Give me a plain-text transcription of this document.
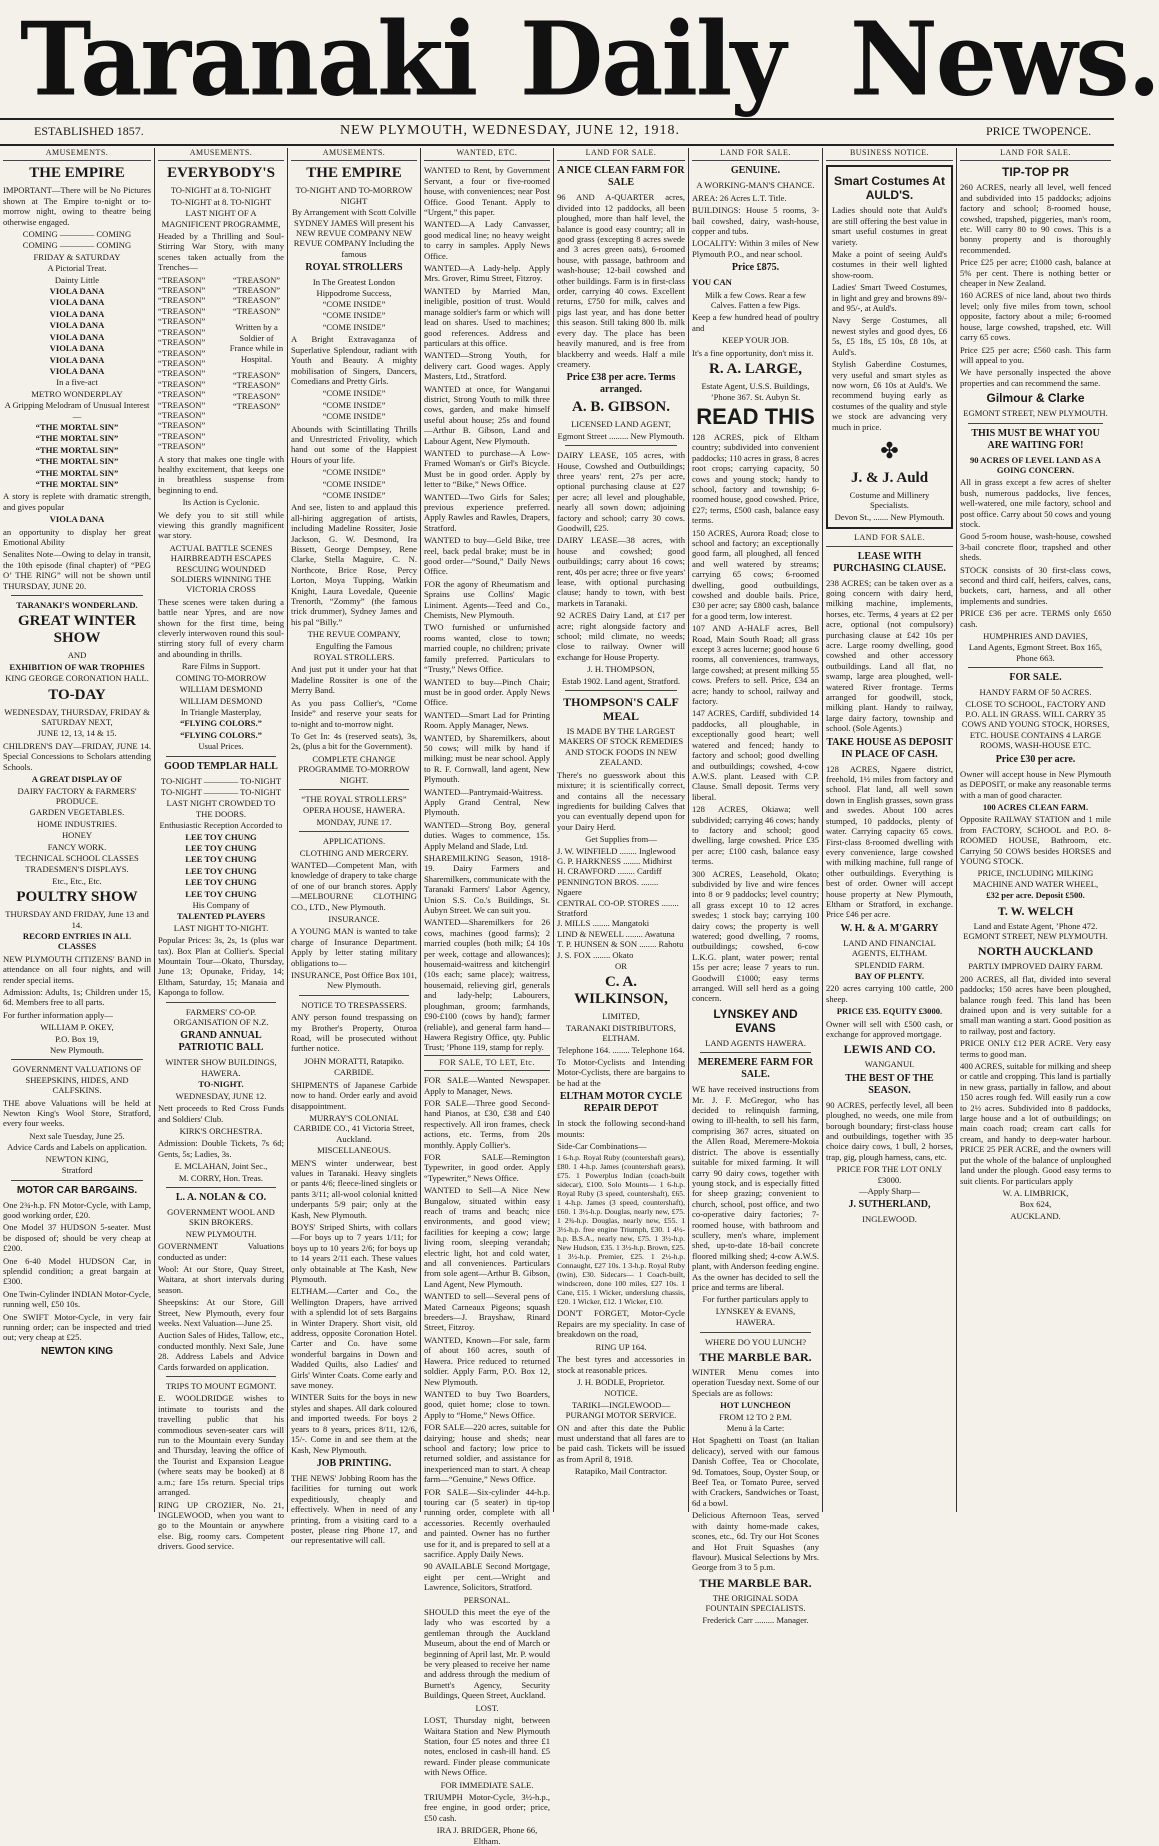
Taranaki Daily News.
ESTABLISHED 1857.	NEW PLYMOUTH, WEDNESDAY, JUNE 12, 1918.	PRICE TWOPENCE.
AMUSEMENTS.
THE EMPIRE
IMPORTANT—There will be No Pictures shown at The Empire to-night or to-morrow night, owing to theatre being otherwise engaged.
COMING ———— COMING
COMING ———— COMING
FRIDAY & SATURDAY
A Pictorial Treat.
Dainty Little
VIOLA DANA
VIOLA DANA
VIOLA DANA
VIOLA DANA
VIOLA DANA
VIOLA DANA
VIOLA DANA
VIOLA DANA
In a five-act
METRO WONDERPLAY
A Gripping Melodram of Unusual Interest—
“THE MORTAL SIN”
“THE MORTAL SIN”
“THE MORTAL SIN”
“THE MORTAL SIN”
“THE MORTAL SIN”
“THE MORTAL SIN”
A story is replete with dramatic strength, and gives popular
VIOLA DANA
an opportunity to display her great Emotional Ability
Senalites Note—Owing to delay in transit, the 10th episode (final chapter) of “PEG O’ THE RING” will not be shown until THURSDAY, JUNE 20.
TARANAKI'S WONDERLAND.
GREAT WINTER SHOW
AND
EXHIBITION OF WAR TROPHIES
KING GEORGE CORONATION HALL.
TO-DAY
WEDNESDAY, THURSDAY, FRIDAY & SATURDAY NEXT,
JUNE 12, 13, 14 & 15.
CHILDREN'S DAY—FRIDAY, JUNE 14. Special Concessions to Scholars attending Schools.
A GREAT DISPLAY OF
DAIRY FACTORY & FARMERS' PRODUCE.
GARDEN VEGETABLES.
HOME INDUSTRIES.
HONEY
FANCY WORK.
TECHNICAL SCHOOL CLASSES
TRADESMEN'S DISPLAYS.
Etc., Etc., Etc.
POULTRY SHOW
THURSDAY AND FRIDAY, June 13 and 14.
RECORD ENTRIES IN ALL CLASSES
NEW PLYMOUTH CITIZENS' BAND in attendance on all four nights, and will render special items.
Admission: Adults, 1s; Children under 15, 6d. Members free to all parts.
For further information apply—
WILLIAM P. OKEY,
P.O. Box 19,
New Plymouth.
GOVERNMENT VALUATIONS OF SHEEPSKINS, HIDES, AND CALFSKINS.
THE above Valuations will be held at Newton King's Wool Store, Stratford, every four weeks.
Next sale Tuesday, June 25.
Advice Cards and Labels on application.
NEWTON KING,
Stratford
MOTOR CAR BARGAINS.
One 2¾-h.p. FN Motor-Cycle, with Lamp, good working order, £20.
One Model 37 HUDSON 5-seater. Must be disposed of; should be very cheap at £200.
One 6-40 Model HUDSON Car, in splendid condition; a great bargain at £300.
One Twin-Cylinder INDIAN Motor-Cycle, running well, £50 10s.
One SWIFT Motor-Cycle, in very fair running order; can be inspected and tried out; very cheap at £25.
NEWTON KING
AMUSEMENTS.
EVERYBODY'S
TO-NIGHT at 8. TO-NIGHT
TO-NIGHT at 8. TO-NIGHT
LAST NIGHT OF A MAGNIFICENT PROGRAMME,
Headed by a Thrilling and Soul-Stirring War Story, with many scenes taken actually from the Trenches—
“TREASON”
“TREASON”
“TREASON”
“TREASON”
“TREASON”
“TREASON”
“TREASON”
“TREASON”
“TREASON”
“TREASON”
“TREASON”
“TREASON”
“TREASON”
“TREASON”
“TREASON”
“TREASON”
“TREASON”
“TREASON”
“TREASON”
“TREASON”
“TREASON”
Written by a Soldier of France while in Hospital.
“TREASON”
“TREASON”
“TREASON”
“TREASON”
A story that makes one tingle with healthy excitement, that keeps one in breathless suspense from beginning to end.
Its Action is Cyclonic.
We defy you to sit still while viewing this grandly magnificent war story.
ACTUAL BATTLE SCENES HAIRBREADTH ESCAPES RESCUING WOUNDED SOLDIERS WINNING THE VICTORIA CROSS
These scenes were taken during a battle near Ypres, and are now shown for the first time, being cleverly interwoven round this soul-stirring story full of every charm and abounding in thrills.
Rare Films in Support.
COMING TO-MORROW
WILLIAM DESMOND
WILLIAM DESMOND
In Triangle Masterplay,
“FLYING COLORS.”
“FLYING COLORS.”
Usual Prices.
GOOD TEMPLAR HALL
TO-NIGHT ———— TO-NIGHT
TO-NIGHT ———— TO-NIGHT
LAST NIGHT CROWDED TO THE DOORS.
Enthusiastic Reception Accorded to
LEE TOY CHUNG
LEE TOY CHUNG
LEE TOY CHUNG
LEE TOY CHUNG
LEE TOY CHUNG
LEE TOY CHUNG
His Company of
TALENTED PLAYERS
LAST NIGHT TO-NIGHT.
Popular Prices: 3s, 2s, 1s (plus war tax). Box Plan at Collier's. Special Mountain Tour—Okato, Thursday, June 13; Opunake, Friday, 14; Eltham, Saturday, 15; Manaia and Kaponga to follow.
FARMERS' CO-OP. ORGANISATION OF N.Z.
GRAND ANNUAL PATRIOTIC BALL
WINTER SHOW BUILDINGS, HAWERA.
TO-NIGHT.
WEDNESDAY, JUNE 12.
Nett proceeds to Red Cross Funds and Soldiers' Club.
KIRK'S ORCHESTRA.
Admission: Double Tickets, 7s 6d; Gents, 5s; Ladies, 3s.
E. MCLAHAN, Joint Sec.,
M. CORRY, Hon. Treas.
L. A. NOLAN & CO.
GOVERNMENT WOOL AND SKIN BROKERS.
NEW PLYMOUTH.
GOVERNMENT Valuations conducted as under:
Wool: At our Store, Quay Street, Waitara, at short intervals during season.
Sheepskins: At our Store, Gill Street, New Plymouth, every four weeks. Next Valuation—June 25.
Auction Sales of Hides, Tallow, etc., conducted monthly. Next Sale, June 28. Address Labels and Advice Cards forwarded on application.
TRIPS TO MOUNT EGMONT.
E. WOOLDRIDGE wishes to intimate to tourists and the travelling public that his commodious seven-seater cars will run to the Mountain every Sunday and Thursday, leaving the office of the Tourist and Expansion League (where seats may be booked) at 8 a.m.; fare 15s return. Special trips arranged.
RING UP CROZIER, No. 21, INGLEWOOD, when you want to go to the Mountain or anywhere else. Big, roomy cars. Competent drivers. Good service.
AMUSEMENTS.
THE EMPIRE
TO-NIGHT AND TO-MORROW NIGHT
By Arrangement with Scott Colville SYDNEY JAMES Will present his NEW REVUE COMPANY NEW REVUE COMPANY Including the famous
ROYAL STROLLERS
In The Greatest London Hippodrome Success,
“COME INSIDE”
“COME INSIDE”
“COME INSIDE”
A Bright Extravaganza of Superlative Splendour, radiant with Youth and Beauty. A mighty mobilisation of Singers, Dancers, Comedians and Pretty Girls.
“COME INSIDE”
“COME INSIDE”
“COME INSIDE”
Abounds with Scintillating Thrills and Unrestricted Frivolity, which hand out some of the Happiest Hours of your life.
“COME INSIDE”
“COME INSIDE”
“COME INSIDE”
And see, listen to and applaud this all-hiring aggregation of artists, including Madeline Rossiter, Josie Jackson, G. W. Desmond, Ira Bissett, George Dempsey, Rene Clarke, Stella Maguire, C. N. Northcote, Brice Rose, Percy Lorton, Moya Tupping, Watkin Knight, Laura Lovedale, Queenie Trenorth, “Zommy” (the famous trick drummer), Sydney James and his pal “Billy.”
THE REVUE COMPANY,
Engulfing the Famous
ROYAL STROLLERS.
And just put it under your hat that Madeline Rossiter is one of the Merry Band.
As you pass Collier's, “Come Inside” and reserve your seats for to-night and to-morrow night.
To Get In: 4s (reserved seats), 3s, 2s, (plus a bit for the Government).
COMPLETE CHANGE PROGRAMME TO-MORROW NIGHT.
“THE ROYAL STROLLERS”
OPERA HOUSE, HAWERA.
MONDAY, JUNE 17.
APPLICATIONS.
CLOTHING AND MERCERY.
WANTED—Competent Man, with knowledge of drapery to take charge of one of our branch stores. Apply—MELBOURNE CLOTHING CO., LTD., New Plymouth.
INSURANCE.
A YOUNG MAN is wanted to take charge of Insurance Department. Apply by letter stating military obligations to—
INSURANCE, Post Office Box 101, New Plymouth.
NOTICE TO TRESPASSERS.
ANY person found trespassing on my Brother's Property, Oturoa Road, will be prosecuted without further notice.
JOHN MORATTI, Ratapiko.
CARBIDE.
SHIPMENTS of Japanese Carbide now to hand. Order early and avoid disappointment.
MURRAY'S COLONIAL CARBIDE CO., 41 Victoria Street, Auckland.
MISCELLANEOUS.
MEN'S winter underwear, best values in Taranaki. Heavy singlets or pants 4/6; fleece-lined singlets or pants 3/11; all-wool colonial knitted underpants 5/9 pair; only at the Kash, New Plymouth.
BOYS' Striped Shirts, with collars—For boys up to 7 years 1/11; for boys up to 10 years 2/6; for boys up to 14 years 2/11 each. These values only obtainable at The Kash, New Plymouth.
ELTHAM.—Carter and Co., the Wellington Drapers, have arrived with a splendid lot of sets Bargains in Winter Drapery. Short visit, old address, opposite Coronation Hotel. Carter and Co. have some wonderful bargains in Down and Wadded Quilts, also Ladies' and Girls' Winter Coats. Come early and save money.
WINTER Suits for the boys in new styles and shapes. All dark coloured and imported tweeds. For boys 2 years to 8 years, prices 8/11, 12/6, 15/-. Come in and see them at the Kash, New Plymouth.
JOB PRINTING.
THE NEWS' Jobbing Room has the facilities for turning out work expeditiously, cheaply and effectively. When in need of any printing, from a visiting card to a poster, please ring Phone 17, and our representative will call.
WANTED, ETC.
WANTED to Rent, by Government Servant, a four or five-roomed house, with conveniences; near Post Office. Good Tenant. Apply to “Urgent,” this paper.
WANTED—A Lady Canvasser, good medical line; no heavy weight to carry in samples. Apply News Office.
WANTED—A Lady-help. Apply Mrs. Grover, Rimu Street, Fitzroy.
WANTED by Married Man, ineligible, position of trust. Would manage soldier's farm or which will lead on shares. Used to machines; good references. Address and particulars at this office.
WANTED—Strong Youth, for delivery cart. Good wages. Apply Masters, Ltd., Stratford.
WANTED at once, for Wanganui district, Strong Youth to milk three cows, garden, and make himself useful about house; 25s and found—Arthur B. Gibson, Land and Labour Agent, New Plymouth.
WANTED to purchase—A Low-Framed Woman's or Girl's Bicycle. Must be in good order. Apply by letter to “Bike,” News Office.
WANTED—Two Girls for Sales; previous experience preferred. Apply Rawles and Rawles, Drapers, Stratford.
WANTED to buy—Geld Bike, tree reel, back pedal brake; must be in good order—“Sound,” Daily News Office.
FOR the agony of Rheumatism and Sprains use Collins' Magic Liniment. Agents—Teed and Co., Chemists, New Plymouth.
TWO furnished or unfurnished rooms wanted, close to town; married couple, no children; private family preferred. Particulars to “Trusty,” News Office.
WANTED to buy—Pinch Chair; must be in good order. Apply News Office.
WANTED—Smart Lad for Printing Room. Apply Manager, News.
WANTED, by Sharemilkers, about 50 cows; will milk by hand if milking; must be near school. Apply to R. F. Cornwall, land agent, New Plymouth.
WANTED—Pantrymaid-Waitress. Apply Grand Central, New Plymouth.
WANTED—Strong Boy, general duties. Wages to commence, 15s. Apply Meland and Slade, Ltd.
SHAREMILKING Season, 1918-19. Dairy Farmers and Sharemilkers, communicate with the Taranaki Farmers' Labor Agency, Union S.S. Co.'s Buildings, St. Aubyn Street. We can suit you.
WANTED—Sharemilkers for 26 cows, machines (good farms); 2 married couples (both milk; £4 10s per week, cottage and allowances); housemaid-waitress and kitchengirl (10s each; same place); waitress, housemaid, relieving girl, generals and lady-help; Labourers, ploughman, groom; farmhands, £90-£100 (cows by hand); farmer (reliable), and general farm hand—Hawera Registry Office, qty. Public Trust; ’Phone 119, stamp for reply.
FOR SALE, TO LET, Etc.
FOR SALE—Wanted Newspaper. Apply to Manager, News.
FOR SALE—Three good Second-hand Pianos, at £30, £38 and £40 respectively. All iron frames, check actions, etc. Terms, from 20s monthly. Apply Collier's.
FOR SALE—Remington Typewriter, in good order. Apply “Typewriter,” News Office.
WANTED to Sell—A Nice New Bungalow, situated within easy reach of trams and beach; nice environments, and good view; facilities for keeping a cow; large living room, sleeping verandah; electric light, hot and cold water, and all conveniences. Particulars from sole agent—Arthur B. Gibson, Land Agent, New Plymouth.
WANTED to sell—Several pens of Mated Carneaux Pigeons; squash breeders—J. Brayshaw, Rinard Street, Fitzroy.
WANTED, Known—For sale, farm of about 160 acres, south of Hawera. Price reduced to returned soldier. Apply Farm, P.O. Box 12, New Plymouth.
WANTED to buy Two Boarders, good, quiet home; close to town. Apply to “Home,” News Office.
FOR SALE—220 acres, suitable for dairying; house and sheds; near school and factory; low price to returned soldier, and assistance for inexperienced man to start. A cheap farm—“Genuine,” News Office.
FOR SALE—Six-cylinder 44-h.p. touring car (5 seater) in tip-top running order, complete with all accessories. Recently overhauled and painted. Owner has no further use for it, and is prepared to sell at a sacrifice. Apply Daily News.
90 AVAILABLE Second Mortgage, eight per cent.—Wright and Lawrence, Solicitors, Stratford.
PERSONAL.
SHOULD this meet the eye of the lady who was escorted by a gentleman through the Auckland Museum, about the end of March or beginning of April last, Mr. P. would be very pleased to receive her name and address through the medium of Burnett's Agency, Security Buildings, Queen Street, Auckland.
LOST.
LOST, Thursday night, between Waitara Station and New Plymouth Station, four £5 notes and three £1 notes, enclosed in cash-ill hand. £5 reward. Finder please communicate with News Office.
FOR IMMEDIATE SALE.
TRIUMPH Motor-Cycle, 3½-h.p., free engine, in good order; price, £50 cash.
IRA J. BRIDGER, Phone 66, Eltham.
LAND FOR SALE.
A NICE CLEAN FARM FOR SALE
96 AND A-QUARTER acres, divided into 12 paddocks, all been ploughed, more than half level, the balance is good easy country; all in good grass (excepting 8 acres swede and 3 acres green oats), 6-roomed house, with passage, bathroom and wash-house; 12-bail cowshed and other buildings. Farm is in first-class order, carrying 40 cows. Excellent returns, £750 for milk, calves and pigs last year, and has done better this season. Still taking 800 lb. milk every day. The place has been heavily manured, and is free from blackberry and weeds. Half a mile creamery.
Price £38 per acre. Terms arranged.
A. B. GIBSON.
LICENSED LAND AGENT,
Egmont Street ......... New Plymouth.
DAIRY LEASE, 105 acres, with House, Cowshed and Outbuildings; three years' rent, 27s per acre, optional purchasing clause at £27 per acre; all level and ploughable, nearly all sown down; adjoining factory and school; carry 30 cows. Goodwill, £25.
DAIRY LEASE—38 acres, with house and cowshed; good outbuildings; carry about 16 cows; rent, 40s per acre; three or five years' lease, with optional purchasing clause; handy to town, with best markets in Taranaki.
92 ACRES Dairy Land, at £17 per acre; right alongside factory and school; mild climate, no weeds; close to railway. Owner will exchange for House Property.
J. H. THOMPSON,
Estab 1902. Land agent, Stratford.
THOMPSON'S CALF MEAL
IS MADE BY THE LARGEST MAKERS OF STOCK REMEDIES AND STOCK FOODS IN NEW ZEALAND.
There's no guesswork about this mixture; it is scientifically correct, and contains all the necessary ingredients for building Calves that you can eventually depend upon for your Dairy Herd.
Get Supplies from—
J. W. WINFIELD ........ Inglewood
G. P. HARKNESS ........ Midhirst
H. CRAWFORD ........ Cardiff
PENNINGTON BROS. ........ Ngaere
CENTRAL CO-OP. STORES ........ Stratford
J. MILLS ........ Mangatoki
LIND & NEWELL ........ Awatuna
T. P. HUNSEN & SON ........ Rahotu
J. S. FOX ........ Okato
OR
C. A. WILKINSON,
LIMITED,
TARANAKI DISTRIBUTORS, ELTHAM.
Telephone 164. ........ Telephone 164.
To Motor-Cyclists and Intending Motor-Cyclists, there are bargains to be had at the
ELTHAM MOTOR CYCLE REPAIR DEPOT
In stock the following second-hand mounts:
Side-Car Combinations—
1 6-h.p. Royal Ruby (countershaft gears), £80. 1 4-h.p. James (countershaft gears), £75. 1 Powerplus Indian (coach-built sidecar), £100. Solo Mounts— 1 6-h.p. Royal Ruby (3 speed, countershaft), £65. 1 4-h.p. James (3 speed, countershaft), £60. 1 3½-h.p. Douglas, nearly new, £75. 1 2¾-h.p. Douglas, nearly new, £55. 1 3½-h.p. free engine Triumph, £30. 1 4½-h.p. B.S.A., nearly new, £75. 1 3½-h.p. New Hudson, £35. 1 3½-h.p. Brown, £25. 1 3½-h.p. Premier, £25. 1 2½-h.p. Connaught, £27 10s. 1 3-h.p. Royal Ruby (twin), £30. Sidecars— 1 Coach-built, windscreen, done 100 miles, £27 10s. 1 Cane, £15. 1 Wicker, underslung chassis, £20. 1 Wicker, £12. 1 Wicker, £10.
DON'T FORGET, Motor-Cycle Repairs are my speciality. In case of breakdown on the road,
RING UP 164.
The best tyres and accessories in stock at reasonable prices.
J. H. BODLE, Proprietor.
NOTICE.
TARIKI—INGLEWOOD—PURANGI MOTOR SERVICE.
ON and after this date the Public must understand that all fares are to be paid cash. Tickets will be issued as from April 8, 1918.
Ratapiko, Mail Contractor.
LAND FOR SALE.
GENUINE.
A WORKING-MAN'S CHANCE.
AREA: 26 Acres L.T. Title.
BUILDINGS: House 5 rooms, 3-bail cowshed, dairy, wash-house, copper and tubs.
LOCALITY: Within 3 miles of New Plymouth P.O., and near school.
Price £875.
YOU CAN
Milk a few Cows. Rear a few Calves. Fatten a few Pigs.
Keep a few hundred head of poultry and
KEEP YOUR JOB.
It's a fine opportunity, don't miss it.
R. A. LARGE,
Estate Agent, U.S.S. Buildings, ’Phone 367. St. Aubyn St.
READ THIS
128 ACRES, pick of Eltham country; subdivided into convenient paddocks; 110 acres in grass, 8 acres root crops; carrying capacity, 50 cows and young stock; handy to school, factory and township; 6-roomed house, good cowshed. Price, £27; terms, £500 cash, balance easy terms.
150 ACRES, Aurora Road; close to school and factory; an exceptionally good farm, all ploughed, all fenced and well watered by streams; carrying 65 cows; 6-roomed dwelling, good outbuildings, cowshed and double bails. Price, £30 per acre; say £800 cash, balance for a good term, low interest.
107 AND A-HALF acres, Bell Road, Main South Road; all grass except 3 acres lucerne; good house 6 rooms, all conveniences, tramways, large cowshed; at present milking 55 cows. Prefers to sell. Price, £34 an acre; handy to school, railway and factory.
147 ACRES, Cardiff, subdivided 14 paddocks, all ploughable, in exceptionally good heart; well watered and fenced; handy to factory and school; good dwelling and outbuildings; cowshed, 4-cow A.W.S. plant. Leased with C.P. Clause. Small deposit. Terms very liberal.
128 ACRES, Okiawa; well subdivided; carrying 46 cows; handy to factory and school; good dwelling, large cowshed. Price £35 per acre; £100 cash, balance easy terms.
300 ACRES, Leasehold, Okato; subdivided by live and wire fences into 8 or 9 paddocks; level country; all grass except 10 to 12 acres swedes; 1 stock bay; carrying 100 dairy cows; the property is well watered; good dwelling, 7 rooms, outbuildings; cowshed, 6-cow L.K.G. plant, water power; rental 15s per acre; lease 7 years to run. Goodwill £1000; easy terms arranged. Will sell herd as a going concern.
LYNSKEY AND EVANS
LAND AGENTS HAWERA.
MEREMERE FARM FOR SALE.
WE have received instructions from Mr. J. F. McGregor, who has decided to relinquish farming, owing to ill-health, to sell his farm, comprising 367 acres, situated on the Allen Road, Meremere-Mokoia district. The above is essentially suitable for mixed farming. It will carry 90 dairy cows, together with young stock, and is especially fitted for sheep grazing; convenient to church, school, post office, and two co-operative dairy factories; 7-roomed house, with bathroom and scullery, men's whare, implement shed, up-to-date 18-bail concrete floored milking shed; 4-cow A.W.S. plant, with Anderson feeding engine. As the owner has decided to sell the price and terms are liberal.
For further particulars apply to
LYNSKEY & EVANS,
HAWERA.
WHERE DO YOU LUNCH?
THE MARBLE BAR.
WINTER Menu comes into operation Tuesday next. Some of our Specials are as follows:
HOT LUNCHEON
FROM 12 TO 2 P.M.
Menu à la Carte:
Hot Spaghetti on Toast (an Italian delicacy), served with our famous Danish Coffee, Tea or Chocolate, 9d. Tomatoes, Soup, Oyster Soup, or Beef Tea, or Tomato Puree, served with Crackers, Sandwiches or Toast, 6d a bowl.
Delicious Afternoon Teas, served with dainty home-made cakes, scones, etc., 6d. Try our Hot Scones and Hot Fruit Squashes (any flavour). Musical Selections by Mrs. George from 3 to 5 p.m.
THE MARBLE BAR.
THE ORIGINAL SODA FOUNTAIN SPECIALISTS.
Frederick Carr ......... Manager.
BUSINESS NOTICE.
Smart Costumes At AULD'S.
Ladies should note that Auld's are still offering the best value in smart useful costumes in great variety.
Make a point of seeing Auld's costumes in their well lighted show-room.
Ladies' Smart Tweed Costumes, in light and grey and browns 89/- and 95/-, at Auld's.
Navy Serge Costumes, all newest styles and good dyes, £6 5s, £5 18s, £5 10s, £8 10s, at Auld's.
Stylish Gaberdine Costumes, very useful and smart styles as now worn, £6 10s at Auld's. We recommend buying early as costumes of the quality and style we stock are advancing very much in price.
✤
J. & J. Auld
Costume and Millinery Specialists.
Devon St., ....... New Plymouth.
LAND FOR SALE.
LEASE WITH PURCHASING CLAUSE.
238 ACRES; can be taken over as a going concern with dairy herd, milking machine, implements, horses, etc. Terms, 4 years at £2 per acre, optional (not compulsory) purchasing clause at £42 10s per acre. Large roomy dwelling, good cowshed and other accessory outbuildings. Land all flat, no swamp, large area ploughed, well-watered River frontage. Terms arranged for goodwill, stock, milking plant. Handy to railway, large dairy factory, township and school. (Sole Agents.)
TAKE HOUSE AS DEPOSIT IN PLACE OF CASH.
128 ACRES, Ngaere district, freehold, 1½ miles from factory and school. Flat land, all well sown down in English grasses, sown grass and swedes. About 100 acres stumped, 10 paddocks, plenty of water. Carrying capacity 65 cows. First-class 8-roomed dwelling with every convenience, large cowshed with milking machine, full range of other outbuildings. Everything is best of order. Owner will accept house property at New Plymouth, Eltham or Stratford, in exchange. Price £46 per acre.
W. H. & A. M'GARRY
LAND AND FINANCIAL AGENTS, ELTHAM.
SPLENDID FARM.
BAY OF PLENTY.
220 acres carrying 100 cattle, 200 sheep.
PRICE £35. EQUITY £3000.
Owner will sell with £500 cash, or exchange for approved mortgage.
LEWIS AND CO.
WANGANUI.
THE BEST OF THE SEASON.
90 ACRES, perfectly level, all been ploughed, no weeds, one mile from borough boundary; first-class house and outbuildings, together with 35 choice dairy cows, 1 bull, 2 horses, trap, gig, plough harness, cans, etc.
PRICE FOR THE LOT ONLY £3000.
—Apply Sharp—
J. SUTHERLAND,
INGLEWOOD.
LAND FOR SALE.
TIP-TOP PR
260 ACRES, nearly all level, well fenced and subdivided into 15 paddocks; adjoins factory and school; 8-roomed house, cowshed, trapshed, piggeries, man's room, etc. Will carry 80 to 90 cows. This is a bonny property and is thoroughly recommended.
Price £25 per acre; £1000 cash, balance at 5% per cent. There is nothing better or cheaper in New Zealand.
160 ACRES of nice land, about two thirds level; only five miles from town, school opposite, factory about a mile; 6-roomed house, large cowshed, trapshed, etc. Will carry 65 cows.
Price £25 per acre; £560 cash. This farm will appeal to you.
We have personally inspected the above properties and can recommend the same.
Gilmour & Clarke
EGMONT STREET, NEW PLYMOUTH.
THIS MUST BE WHAT YOU ARE WAITING FOR!
90 ACRES OF LEVEL LAND AS A GOING CONCERN.
All in grass except a few acres of shelter bush, numerous paddocks, live fences, well-watered, one mile factory, school and post office. Carry about 50 cows and young stock.
Good 5-room house, wash-house, cowshed 3-bail concrete floor, trapshed and other sheds.
STOCK consists of 30 first-class cows, second and third calf, heifers, calves, cans, buckets, cart, harness, and all other implements and sundries.
PRICE £36 per acre. TERMS only £650 cash.
HUMPHRIES AND DAVIES,
Land Agents, Egmont Street. Box 165, Phone 663.
FOR SALE.
HANDY FARM OF 50 ACRES.
CLOSE TO SCHOOL, FACTORY AND P.O. ALL IN GRASS. WILL CARRY 35 COWS AND YOUNG STOCK, HORSES, ETC. HOUSE CONTAINS 4 LARGE ROOMS, WASH-HOUSE ETC.
Price £30 per acre.
Owner will accept house in New Plymouth as DEPOSIT, or make any reasonable terms with a man of good character.
100 ACRES CLEAN FARM.
Opposite RAILWAY STATION and 1 mile from FACTORY, SCHOOL and P.O. 8-ROOMED HOUSE, Bathroom, etc. Carrying 50 COWS besides HORSES and YOUNG STOCK.
PRICE, INCLUDING MILKING MACHINE AND WATER WHEEL,
£32 per acre. Deposit £500.
T. W. WELCH
Land and Estate Agent, ’Phone 472. EGMONT STREET, NEW PLYMOUTH.
NORTH AUCKLAND
PARTLY IMPROVED DAIRY FARM.
200 ACRES, all flat, divided into several paddocks; 150 acres have been ploughed, balance rough feed. This land has been drained upon and is very suitable for a small man wanting a start. Good position as to railway, post and factory.
PRICE ONLY £12 PER ACRE. Very easy terms to good man.
400 ACRES, suitable for milking and sheep or cattle and cropping. This land is partially in new grass, partially in fallow, and about 150 acres rough fed. Will easily run a cow to 2½ acres. Subdivided into 8 paddocks, large house and a lot of outbuildings; on main coach road; cream cart calls for cream, and handy to deep-water harbour. PRICE 25 PER ACRE, and the owners will put the whole of the balance of unploughed land under the plough. Good easy terms to suit clients. For particulars apply
W. A. LIMBRICK,
Box 624,
AUCKLAND.
